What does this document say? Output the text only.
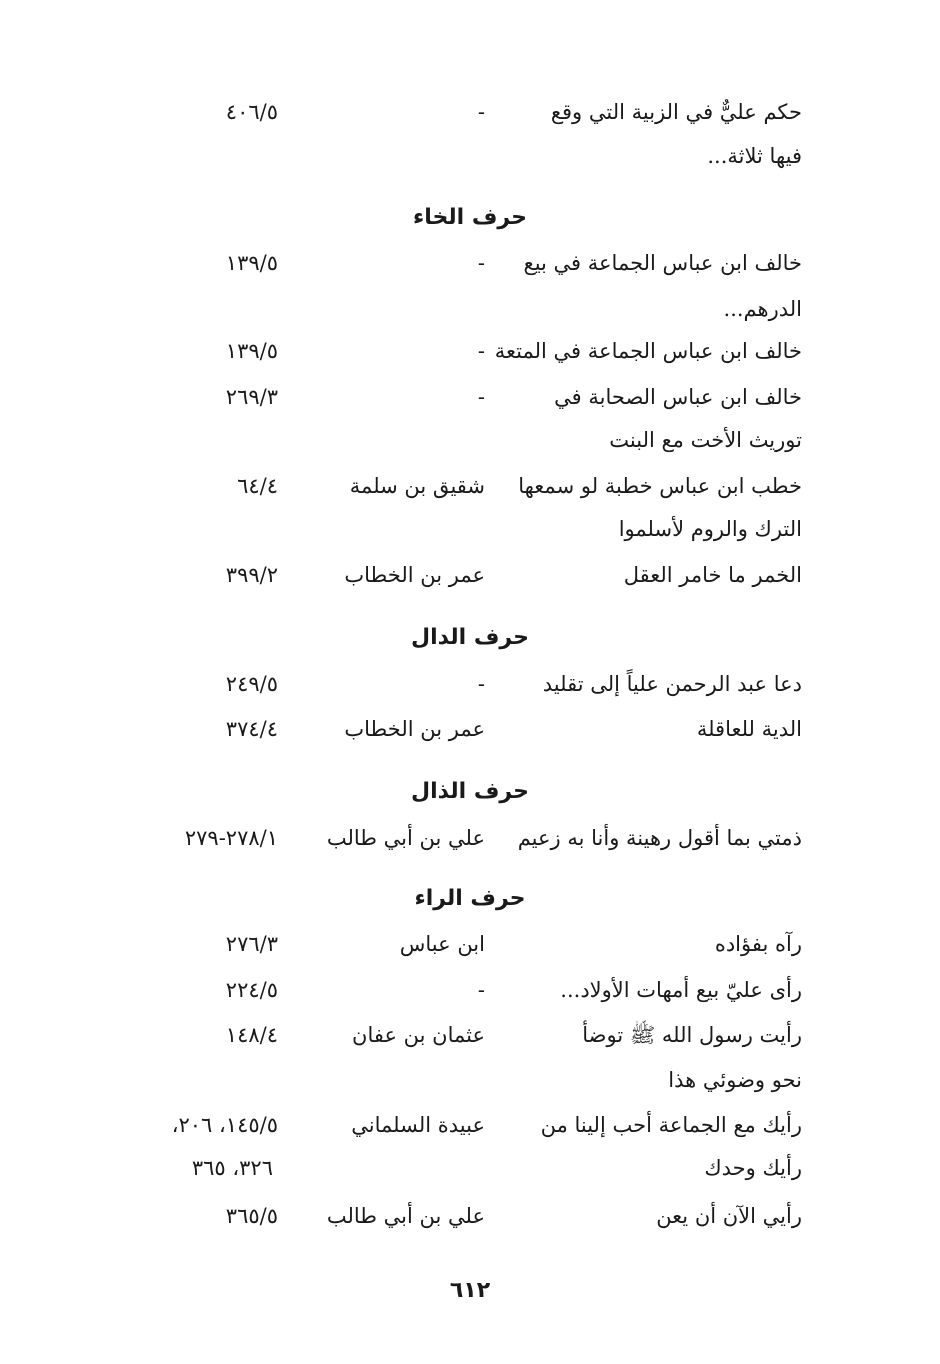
حكم عليٌّ في الزبية التي وقع
-
٤٠٦/٥
فيها ثلاثة...
حرف الخاء
خالف ابن عباس الجماعة في بيع
-
١٣٩/٥
الدرهم...
خالف ابن عباس الجماعة في المتعة
-
١٣٩/٥
خالف ابن عباس الصحابة في
-
٢٦٩/٣
توريث الأخت مع البنت
خطب ابن عباس خطبة لو سمعها
شقيق بن سلمة
٦٤/٤
الترك والروم لأسلموا
الخمر ما خامر العقل
عمر بن الخطاب
٣٩٩/٢
حرف الدال
دعا عبد الرحمن علياً إلى تقليد
-
٢٤٩/٥
الدية للعاقلة
عمر بن الخطاب
٣٧٤/٤
حرف الذال
ذمتي بما أقول رهينة وأنا به زعيم
علي بن أبي طالب
٢٧٨/١-٢٧٩
حرف الراء
رآه بفؤاده
ابن عباس
٢٧٦/٣
رأى عليّ بيع أمهات الأولاد...
-
٢٢٤/٥
رأيت رسول الله ﷺ توضأ
عثمان بن عفان
١٤٨/٤
نحو وضوئي هذا
رأيك مع الجماعة أحب إلينا من
عبيدة السلماني
١٤٥/٥، ٢٠٦،
رأيك وحدك
٣٢٦، ٣٦٥
رأيي الآن أن يعن
علي بن أبي طالب
٣٦٥/٥
٦١٢
